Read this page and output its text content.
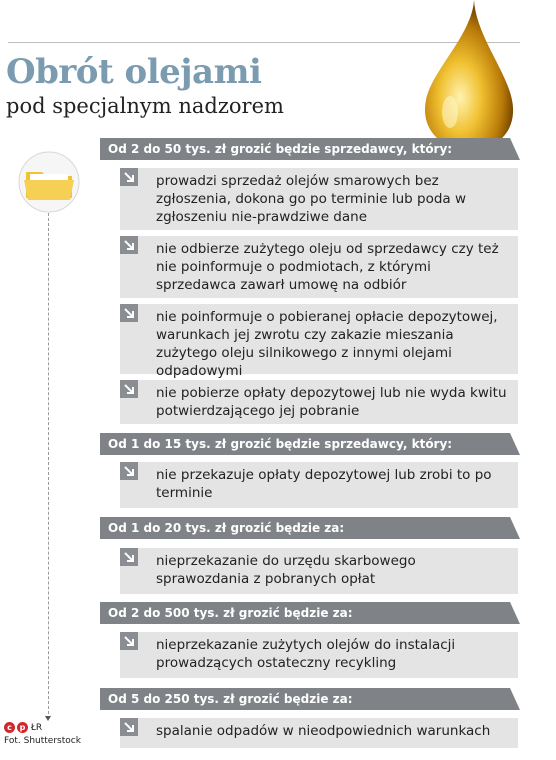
Obrót olejami
pod specjalnym nadzorem
Od 2 do 50 tys. zł grozić będzie sprzedawcy, który:
prowadzi sprzedaż olejów smarowych bez zgłoszenia, dokona go po terminie lub poda w zgłoszeniu nie-prawdziwe dane
nie odbierze zużytego oleju od sprzedawcy czy też nie poinformuje o podmiotach, z którymi sprzedawca zawarł umowę na odbiór
nie poinformuje o pobieranej opłacie depozytowej, warunkach jej zwrotu czy zakazie mieszania zużytego oleju silnikowego z innymi olejami odpadowymi
nie pobierze opłaty depozytowej lub nie wyda kwitu potwierdzającego jej pobranie
Od 1 do 15 tys. zł grozić będzie sprzedawcy, który:
nie przekazuje opłaty depozytowej lub zrobi to po terminie
Od 1 do 20 tys. zł grozić będzie za:
nieprzekazanie do urzędu skarbowego sprawozdania z pobranych opłat
Od 2 do 500 tys. zł grozić będzie za:
nieprzekazanie zużytych olejów do instalacji prowadzących ostateczny recykling
Od 5 do 250 tys. zł grozić będzie za:
spalanie odpadów w nieodpowiednich warunkach
c p ŁR
Fot. Shutterstock
